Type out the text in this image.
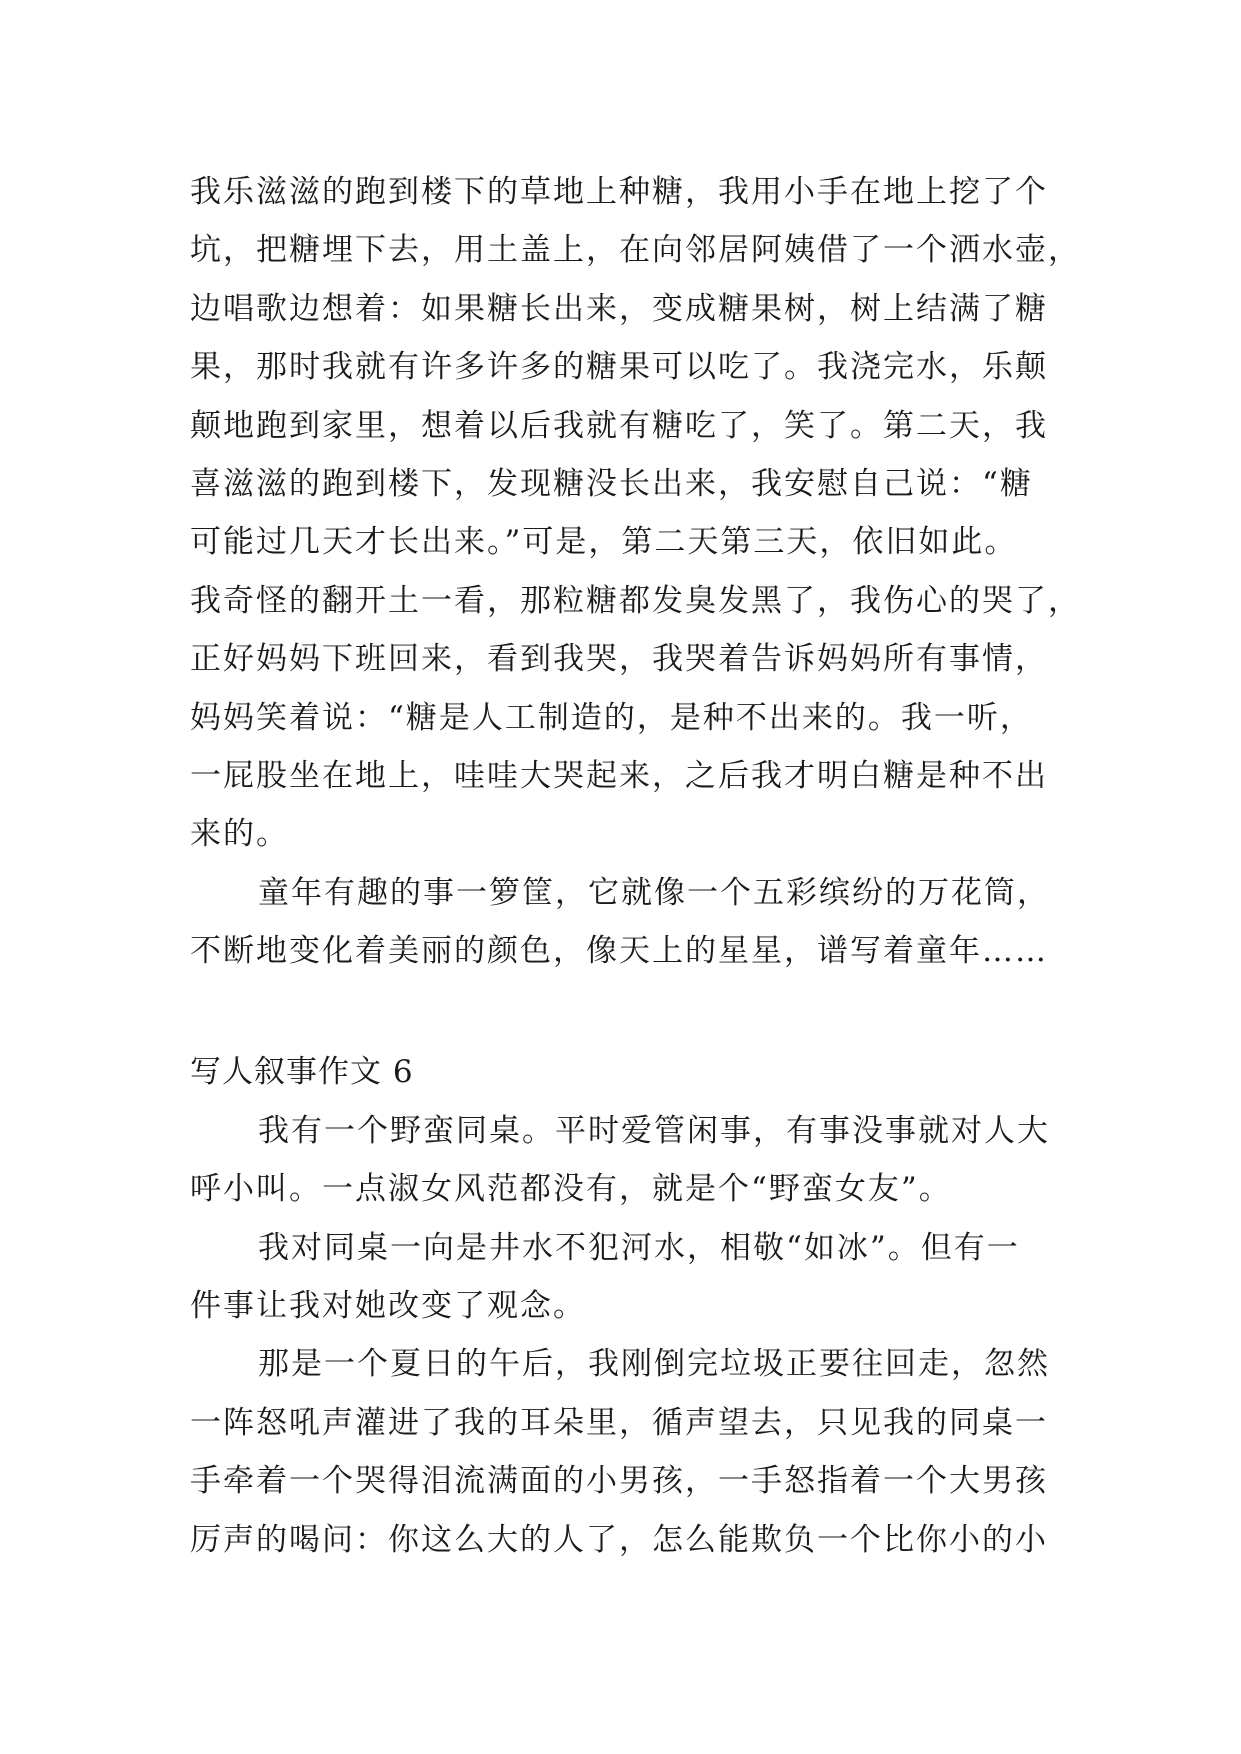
我乐滋滋的跑到楼下的草地上种糖，我用小手在地上挖了个
坑，把糖埋下去，用土盖上，在向邻居阿姨借了一个洒水壶，
边唱歌边想着：如果糖长出来，变成糖果树，树上结满了糖
果，那时我就有许多许多的糖果可以吃了。我浇完水，乐颠
颠地跑到家里，想着以后我就有糖吃了，笑了。第二天，我
喜滋滋的跑到楼下，发现糖没长出来，我安慰自己说：“糖
可能过几天才长出来。”可是，第二天第三天，依旧如此。
我奇怪的翻开土一看，那粒糖都发臭发黑了，我伤心的哭了，
正好妈妈下班回来，看到我哭，我哭着告诉妈妈所有事情，
妈妈笑着说：“糖是人工制造的，是种不出来的。我一听，
一屁股坐在地上，哇哇大哭起来，之后我才明白糖是种不出
来的。
童年有趣的事一箩筐，它就像一个五彩缤纷的万花筒，
不断地变化着美丽的颜色，像天上的星星，谱写着童年……
写人叙事作文 6
我有一个野蛮同桌。平时爱管闲事，有事没事就对人大
呼小叫。一点淑女风范都没有，就是个“野蛮女友”。
我对同桌一向是井水不犯河水，相敬“如冰”。但有一
件事让我对她改变了观念。
那是一个夏日的午后，我刚倒完垃圾正要往回走，忽然
一阵怒吼声灌进了我的耳朵里，循声望去，只见我的同桌一
手牵着一个哭得泪流满面的小男孩，一手怒指着一个大男孩
厉声的喝问：你这么大的人了，怎么能欺负一个比你小的小
